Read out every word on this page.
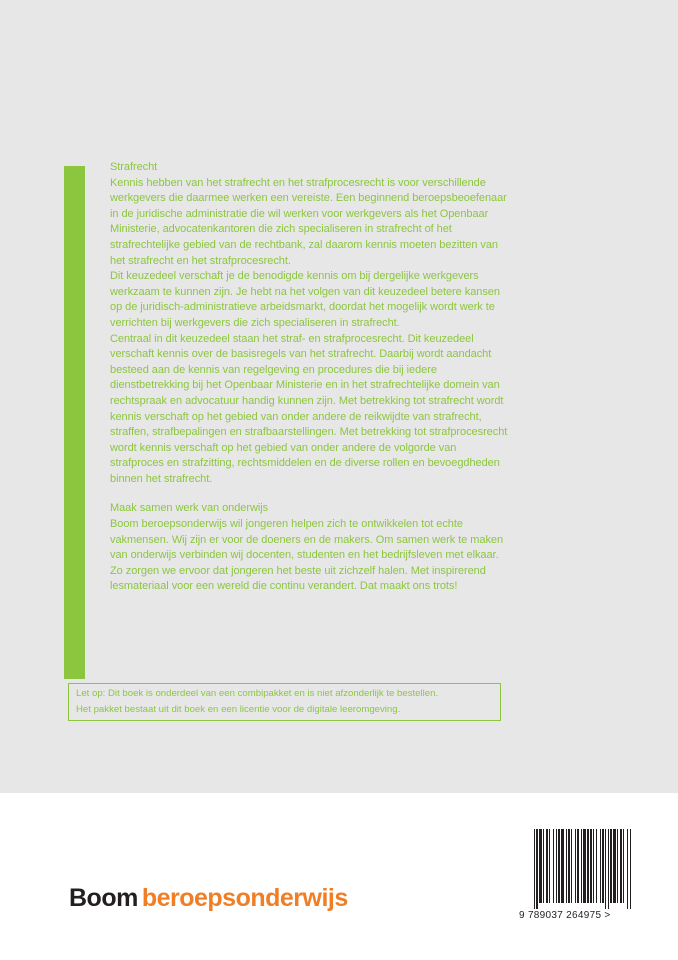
Strafrecht

Kennis hebben van het strafrecht en het strafprocesrecht is voor verschillende werkgevers die daarmee werken een vereiste. Een beginnend beroepsbeoefenaar in de juridische administratie die wil werken voor werkgevers als het Openbaar Ministerie, advocatenkantoren die zich specialiseren in strafrecht of het strafrechtelijke gebied van de rechtbank, zal daarom kennis moeten bezitten van het strafrecht en het strafprocesrecht.

Dit keuzedeel verschaft je de benodigde kennis om bij dergelijke werkgevers werkzaam te kunnen zijn. Je hebt na het volgen van dit keuzedeel betere kansen op de juridisch-administratieve arbeidsmarkt, doordat het mogelijk wordt werk te verrichten bij werkgevers die zich specialiseren in strafrecht.

Centraal in dit keuzedeel staan het straf- en strafprocesrecht. Dit keuzedeel verschaft kennis over de basisregels van het strafrecht. Daarbij wordt aandacht besteed aan de kennis van regelgeving en procedures die bij iedere dienstbetrekking bij het Openbaar Ministerie en in het strafrechtelijke domein van rechtspraak en advocatuur handig kunnen zijn. Met betrekking tot strafrecht wordt kennis verschaft op het gebied van onder andere de reikwijdte van strafrecht, straffen, strafbepalingen en strafbaarstellingen. Met betrekking tot strafprocesrecht wordt kennis verschaft op het gebied van onder andere de volgorde van strafproces en strafzitting, rechtsmiddelen en de diverse rollen en bevoegdheden binnen het strafrecht.

Maak samen werk van onderwijs

Boom beroepsonderwijs wil jongeren helpen zich te ontwikkelen tot echte vakmensen. Wij zijn er voor de doeners en de makers. Om samen werk te maken van onderwijs verbinden wij docenten, studenten en het bedrijfsleven met elkaar. Zo zorgen we ervoor dat jongeren het beste uit zichzelf halen. Met inspirerend lesmateriaal voor een wereld die continu verandert. Dat maakt ons trots!

Let op: Dit boek is onderdeel van een combipakket en is niet afzonderlijk te bestellen.

Het pakket bestaat uit dit boek en een licentie voor de digitale leeromgeving.

Boom beroepsonderwijs
9 789037 264975 >
